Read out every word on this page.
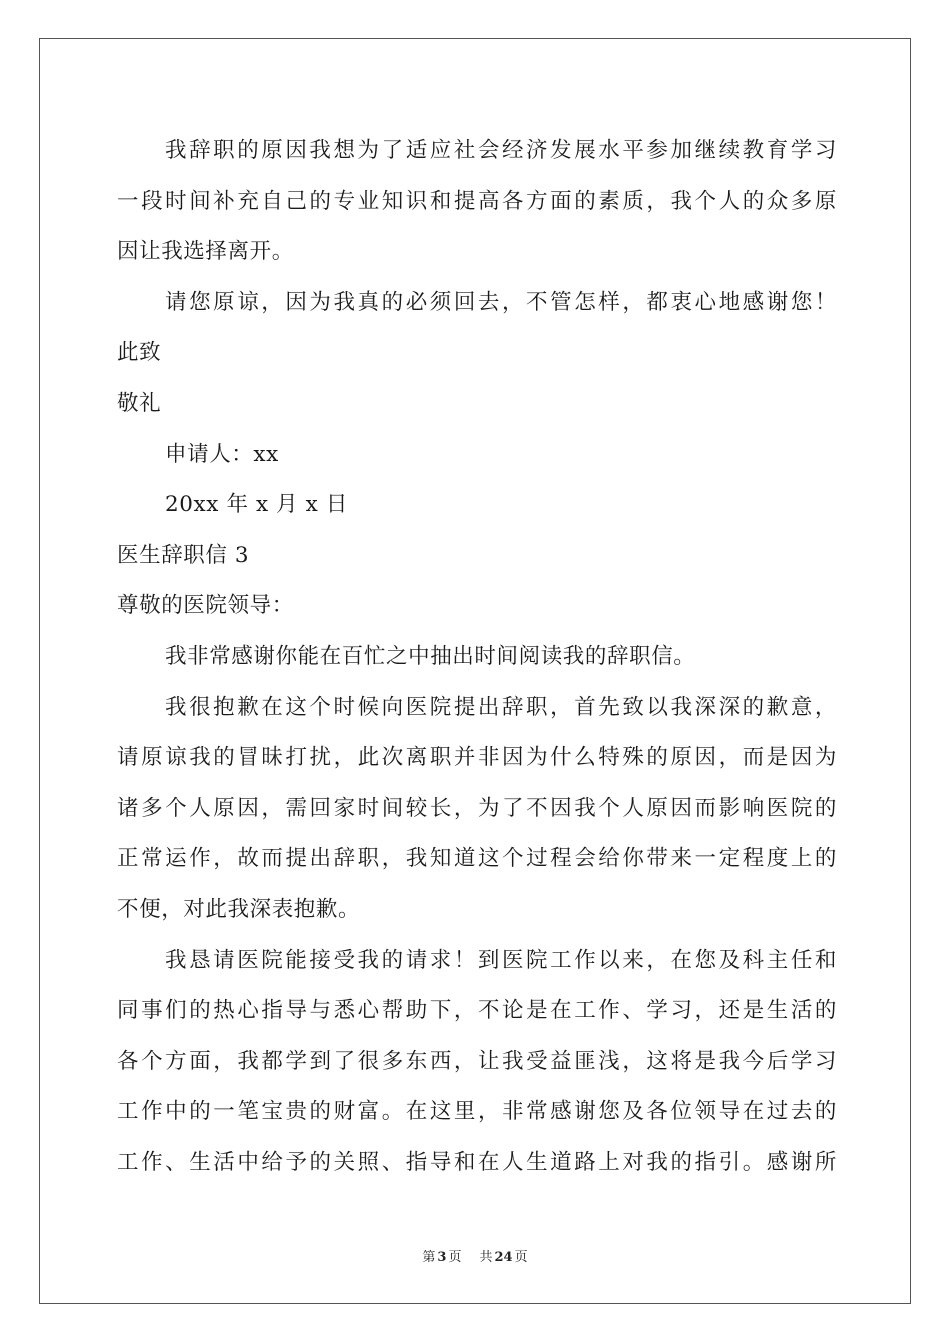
我辞职的原因我想为了适应社会经济发展水平参加继续教育学习
一段时间补充自己的专业知识和提高各方面的素质，我个人的众多原
因让我选择离开。
请您原谅，因为我真的必须回去，不管怎样，都衷心地感谢您！
此致
敬礼
申请人：xx
20xx 年 x 月 x 日
医生辞职信 3
尊敬的医院领导：
我非常感谢你能在百忙之中抽出时间阅读我的辞职信。
我很抱歉在这个时候向医院提出辞职，首先致以我深深的歉意，
请原谅我的冒昧打扰，此次离职并非因为什么特殊的原因，而是因为
诸多个人原因，需回家时间较长，为了不因我个人原因而影响医院的
正常运作，故而提出辞职，我知道这个过程会给你带来一定程度上的
不便，对此我深表抱歉。
我恳请医院能接受我的请求！到医院工作以来，在您及科主任和
同事们的热心指导与悉心帮助下，不论是在工作、学习，还是生活的
各个方面，我都学到了很多东西，让我受益匪浅，这将是我今后学习
工作中的一笔宝贵的财富。在这里，非常感谢您及各位领导在过去的
工作、生活中给予的关照、指导和在人生道路上对我的指引。感谢所
第 3 页 共 24 页
